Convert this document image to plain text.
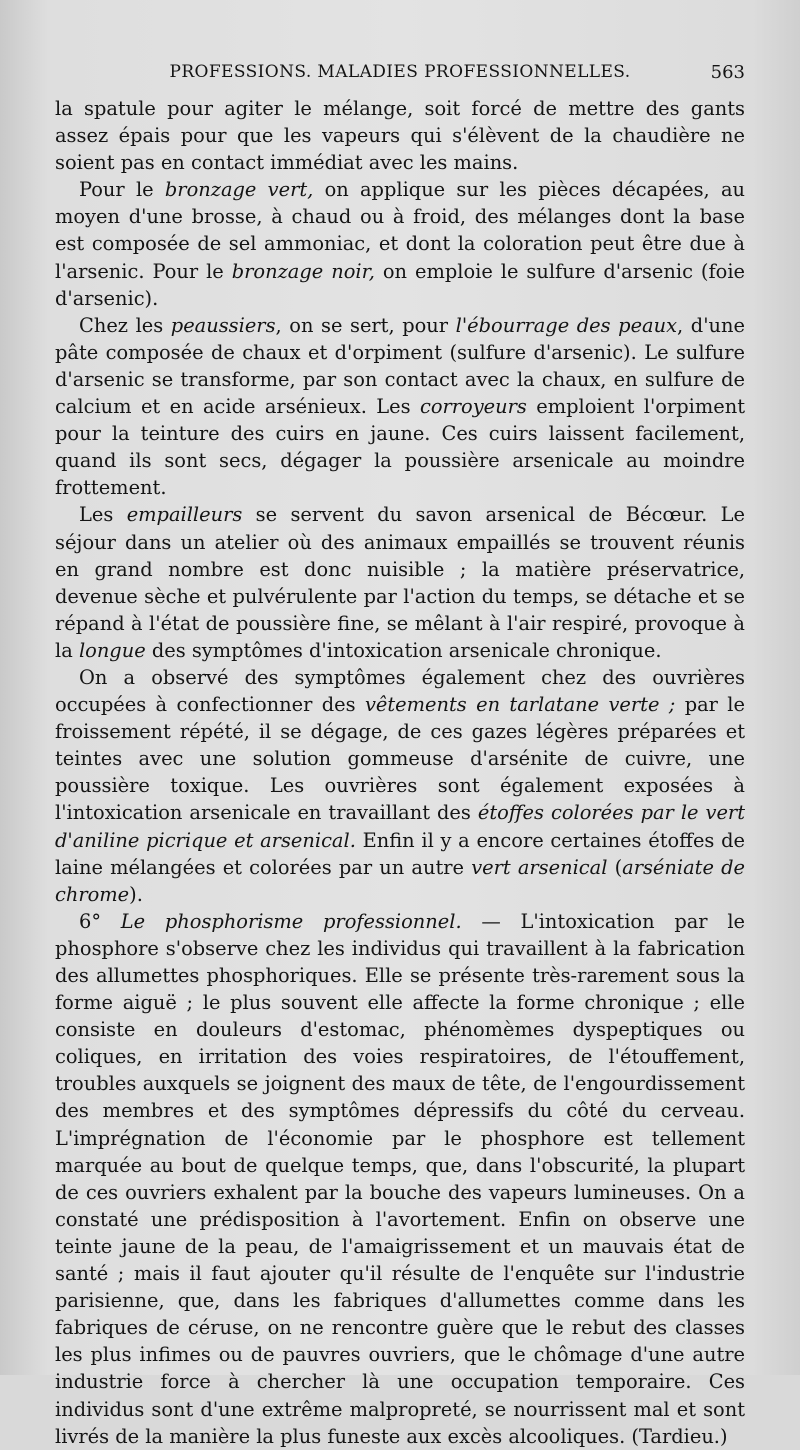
PROFESSIONS. MALADIES PROFESSIONNELLES.	563

la spatule pour agiter le mélange, soit forcé de mettre des gants assez épais pour que les vapeurs qui s'élèvent de la chaudière ne soient pas en contact immédiat avec les mains.

Pour le bronzage vert, on applique sur les pièces décapées, au moyen d'une brosse, à chaud ou à froid, des mélanges dont la base est composée de sel ammoniac, et dont la coloration peut être due à l'arsenic. Pour le bronzage noir, on emploie le sulfure d'arsenic (foie d'arsenic).

Chez les peaussiers, on se sert, pour l'ébourrage des peaux, d'une pâte composée de chaux et d'orpiment (sulfure d'arsenic). Le sulfure d'arsenic se transforme, par son contact avec la chaux, en sulfure de calcium et en acide arsénieux. Les corroyeurs emploient l'orpiment pour la teinture des cuirs en jaune. Ces cuirs laissent facilement, quand ils sont secs, dégager la poussière arsenicale au moindre frottement.

Les empailleurs se servent du savon arsenical de Bécœur. Le séjour dans un atelier où des animaux empaillés se trouvent réunis en grand nombre est donc nuisible ; la matière préservatrice, devenue sèche et pulvérulente par l'action du temps, se détache et se répand à l'état de poussière fine, se mêlant à l'air respiré, provoque à la longue des symptômes d'intoxication arsenicale chronique.

On a observé des symptômes également chez des ouvrières occupées à confectionner des vêtements en tarlatane verte ; par le froissement répété, il se dégage, de ces gazes légères préparées et teintes avec une solution gommeuse d'arsénite de cuivre, une poussière toxique. Les ouvrières sont également exposées à l'intoxication arsenicale en travaillant des étoffes colorées par le vert d'aniline picrique et arsenical. Enfin il y a encore certaines étoffes de laine mélangées et colorées par un autre vert arsenical (arséniate de chrome).

6° Le phosphorisme professionnel. — L'intoxication par le phosphore s'observe chez les individus qui travaillent à la fabrication des allumettes phosphoriques. Elle se présente très-rarement sous la forme aiguë ; le plus souvent elle affecte la forme chronique ; elle consiste en douleurs d'estomac, phénomèmes dyspeptiques ou coliques, en irritation des voies respiratoires, de l'étouffement, troubles auxquels se joignent des maux de tête, de l'engourdissement des membres et des symptômes dépressifs du côté du cerveau. L'imprégnation de l'économie par le phosphore est tellement marquée au bout de quelque temps, que, dans l'obscurité, la plupart de ces ouvriers exhalent par la bouche des vapeurs lumineuses. On a constaté une prédisposition à l'avortement. Enfin on observe une teinte jaune de la peau, de l'amaigrissement et un mauvais état de santé ; mais il faut ajouter qu'il résulte de l'enquête sur l'industrie parisienne, que, dans les fabriques d'allumettes comme dans les fabriques de céruse, on ne rencontre guère que le rebut des classes les plus infimes ou de pauvres ouvriers, que le chômage d'une autre industrie force à chercher là une occupation temporaire. Ces individus sont d'une extrême malpropreté, se nourrissent mal et sont livrés de la manière la plus funeste aux excès alcooliques. (Tardieu.)
